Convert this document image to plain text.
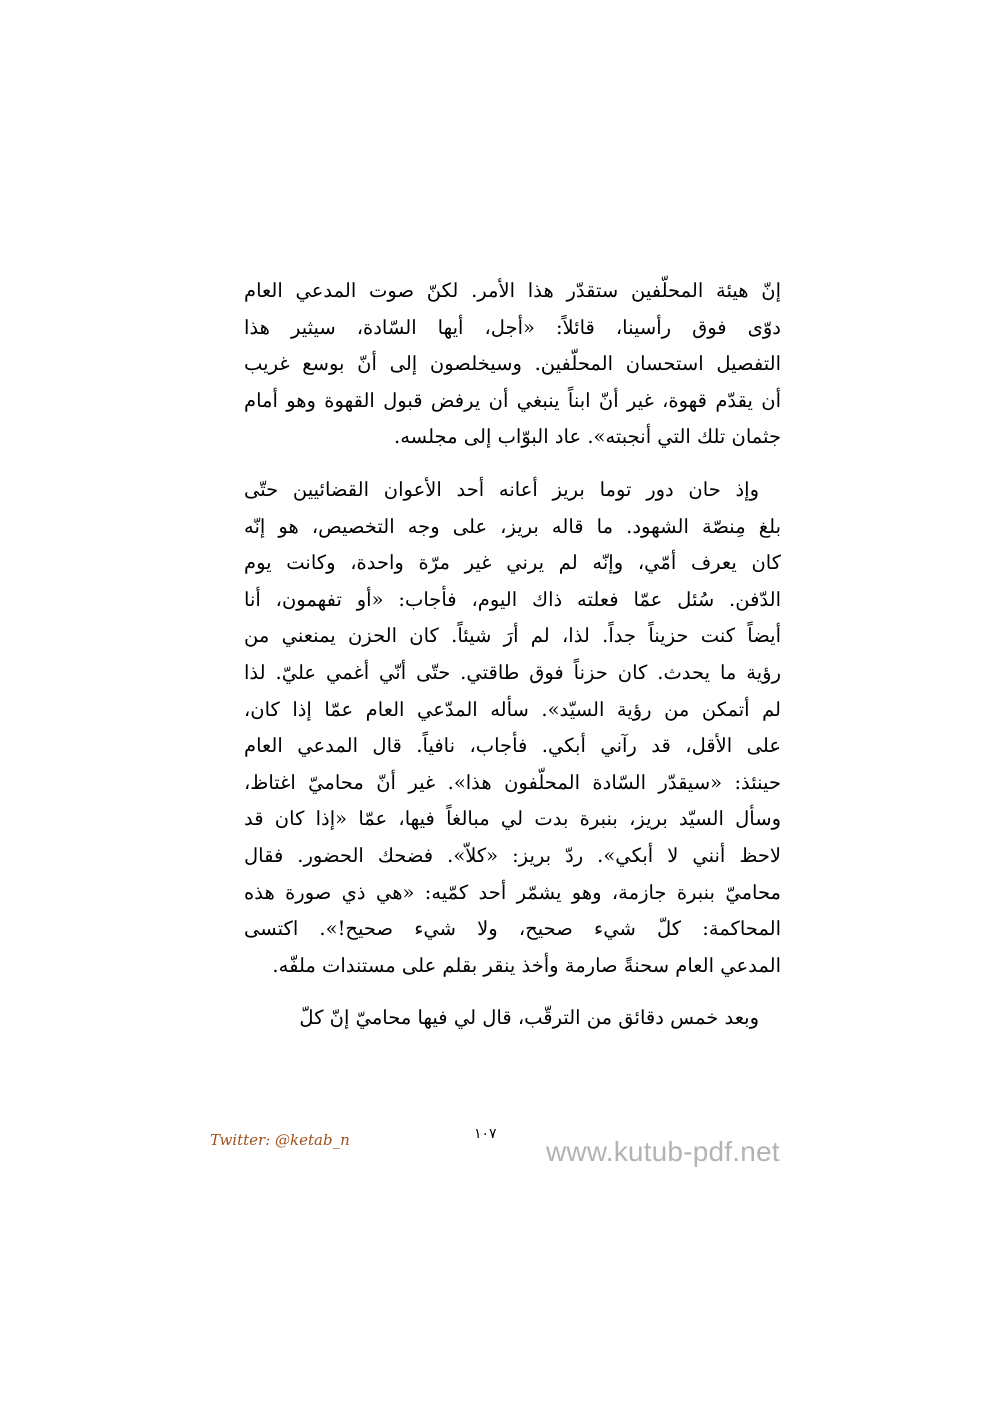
إنّ هيئة المحلّفين ستقدّر هذا الأمر. لكنّ صوت المدعي العام
دوّى فوق رأسينا، قائلاً: «أجل، أيها السّادة، سيثير هذا
التفصيل استحسان المحلّفين. وسيخلصون إلى أنّ بوسع غريب
أن يقدّم قهوة، غير أنّ ابناً ينبغي أن يرفض قبول القهوة وهو أمام
جثمان تلك التي أنجبته». عاد البوّاب إلى مجلسه.
وإذ حان دور توما بريز أعانه أحد الأعوان القضائيين حتّى
بلغ مِنصّة الشهود. ما قاله بريز، على وجه التخصيص، هو إنّه
كان يعرف أمّي، وإنّه لم يرني غير مرّة واحدة، وكانت يوم
الدّفن. سُئل عمّا فعلته ذاك اليوم، فأجاب: «أو تفهمون، أنا
أيضاً كنت حزيناً جداً. لذا، لم أرَ شيئاً. كان الحزن يمنعني من
رؤية ما يحدث. كان حزناً فوق طاقتي. حتّى أنّي أغمي عليّ. لذا
لم أتمكن من رؤية السيّد». سأله المدّعي العام عمّا إذا كان،
على الأقل، قد رآني أبكي. فأجاب، نافياً. قال المدعي العام
حينئذ: «سيقدّر السّادة المحلّفون هذا». غير أنّ محاميّ اغتاظ،
وسأل السيّد بريز، بنبرة بدت لي مبالغاً فيها، عمّا «إذا كان قد
لاحظ أنني لا أبكي». ردّ بريز: «كلاّ». فضحك الحضور. فقال
محاميّ بنبرة جازمة، وهو يشمّر أحد كمّيه: «هي ذي صورة هذه
المحاكمة: كلّ شيء صحيح، ولا شيء صحيح!». اكتسى
المدعي العام سحنةً صارمة وأخذ ينقر بقلم على مستندات ملفّه.
وبعد خمس دقائق من الترقّب، قال لي فيها محاميّ إنّ كلّ
Twitter: @ketab_n	١٠٧
www.kutub-pdf.net
